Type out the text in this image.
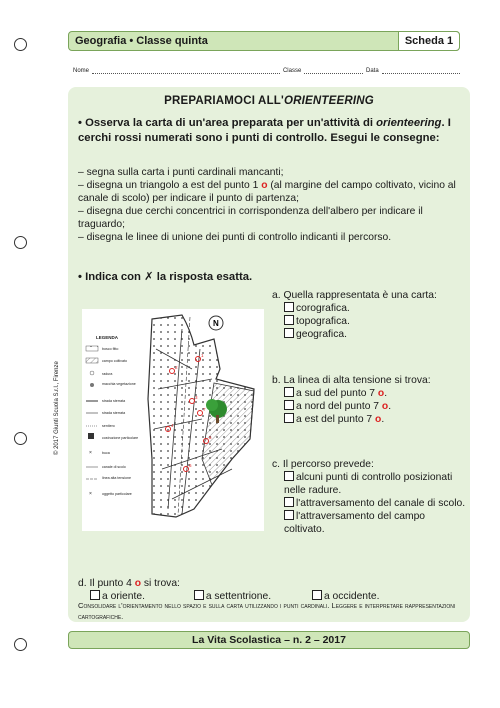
Geografia • Classe quinta	Scheda 1
Nome	Classe	Data
PREPARIAMOCI ALL'ORIENTEERING
• Osserva la carta di un'area preparata per un'attività di orienteering. I cerchi rossi numerati sono i punti di controllo. Esegui le consegne:

– segna sulla carta i punti cardinali mancanti;

– disegna un triangolo a est del punto 1 o (al margine del campo coltivato, vicino al canale di scolo) per indicare il punto di partenza;

– disegna due cerchi concentrici in corrispondenza dell'albero per indicare il traguardo;

– disegna le linee di unione dei punti di controllo indicanti il percorso.

• Indica con ✗ la risposta esatta.
N
1
2
3
4
5
6
7
LEGENDA
bosco fitto
campo coltivato
radura
macchia vegetazione
strada sterrata
strada sterrata
sentiero
costruzione particolare
×	buca
canale di scolo
linea alta tensione
×	oggetto particolare
a. Quella rappresentata è una carta:
corografica.
topografica.
geografica.
b. La linea di alta tensione si trova:
a sud del punto 7 o.
a nord del punto 7 o.
a est del punto 7 o.
c. Il percorso prevede:
alcuni punti di controllo posizionati nelle radure.
l'attraversamento del canale di scolo.
l'attraversamento del campo coltivato.
d. Il punto 4 o si trova:
a oriente.	a settentrione.	a occidente.
Consolidare l'orientamento nello spazio e sulla carta utilizzando i punti cardinali. Leggere e interpretare rappresentazioni cartografiche.
© 2017 Giunti Scuola S.r.l., Firenze
La Vita Scolastica – n. 2 – 2017
